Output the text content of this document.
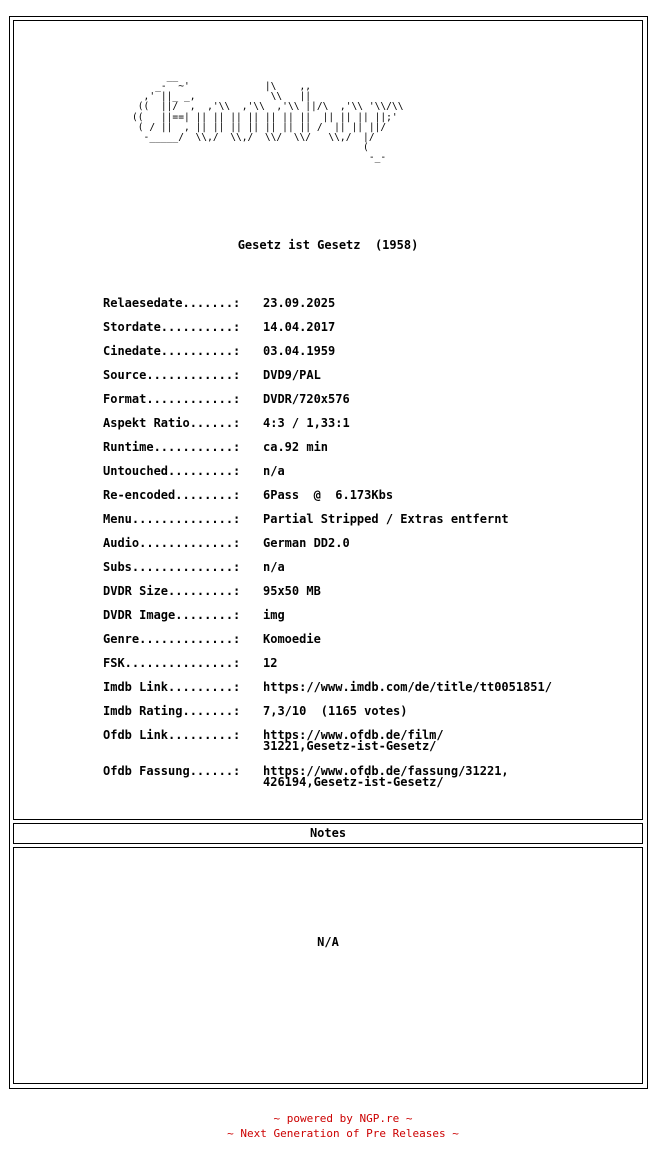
_-‾‾~'             |\    ,,
,' ||_  ,             \\   ||
((  ||/ ‾,  ,'\\  ,'\\  ,'\\ ||/\  ,'\\ '\\/\\
((   ||==| || || || || || || ||  || || || ||;'
( / ||  , || || || || || || || /  || || ||/
-_____/  \\,/  \\,/  \\/  \\/   \\,/  |/
(
-_-
Gesetz ist Gesetz  (1958)
Relaesedate.......:	23.09.2025
Stordate..........:	14.04.2017
Cinedate..........:	03.04.1959
Source............:	DVD9/PAL
Format............:	DVDR/720x576
Aspekt Ratio......:	4:3 / 1,33:1
Runtime...........:	ca.92 min
Untouched.........:	n/a
Re-encoded........:	6Pass  @  6.173Kbs
Menu..............:	Partial Stripped / Extras entfernt
Audio.............:	German DD2.0
Subs..............:	n/a
DVDR Size.........:	95x50 MB
DVDR Image........:	img
Genre.............:	Komoedie
FSK...............:	12
Imdb Link.........:	https://www.imdb.com/de/title/tt0051851/
Imdb Rating.......:	7,3/10  (1165 votes)
Ofdb Link.........:	https://www.ofdb.de/film/
31221,Gesetz-ist-Gesetz/
Ofdb Fassung......:	https://www.ofdb.de/fassung/31221,
426194,Gesetz-ist-Gesetz/
Notes
N/A
~ powered by NGP.re ~
~ Next Generation of Pre Releases ~
